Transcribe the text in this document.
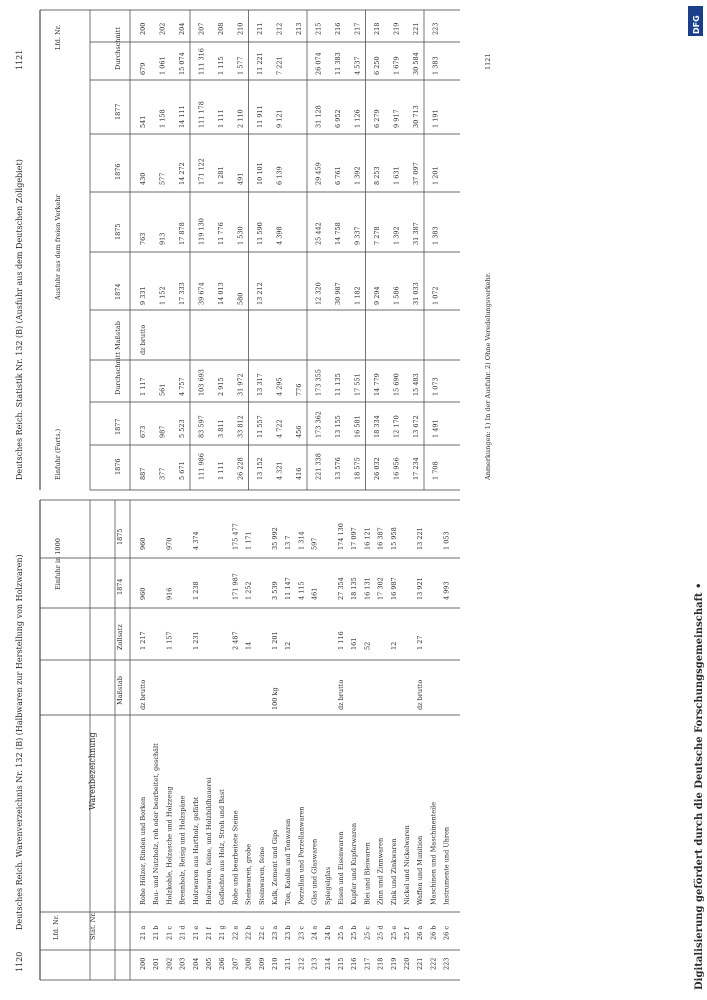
Digitalisierung gefördert durch die Deutsche Forschungsgemeinschaft •
DFG
1120
Deutsches Reich. Warenverzeichnis Nr. 132 (B) (Halbwaren zur Herstellung von Holzwaren)
Deutsches Reich. Statistik Nr. 132 (B) (Ausfuhr aus dem Deutschen Zollgebiet)
1121
Lfd. Nr.	Stat. Nr.
Warenbezeichnung
Maßstab
Zollsatz
1874
1875
Einfuhr in 1000
200
21 a
Rohe Hölzer, Rinden und Borken
dz brutto
1 217
960
960
201
21 b
Bau- und Nutzholz, roh oder bearbeitet, geschält
202
21 c
Holzkohle, Holzasche und Holzzeug
1 157
916
970
203
21 d
Brennholz, Reisig und Holzspäne
204
21 e
Holzwaren aus Hartholz, gefärbt
1 231
1 238
4 374
205
21 f
Holzwaren, feine, und Holzbildhauerei
206
21 g
Geflechte aus Holz, Stroh und Bast
207
22 a
Rohe und bearbeitete Steine
2 487
171 987
175 477
208
22 b
Steinwaren, grobe
14
1 252
1 171
209
22 c
Steinwaren, feine
210
23 a
Kalk, Zement und Gips
100 kg
1 201
3 539
35 992
211
23 b
Ton, Kaolin und Tonwaren
12
11 147
13 7
212
23 c
Porzellan und Porzellanwaren
4 115
1 314
213
24 a
Glas und Glaswaren
461
597
214
24 b
Spiegelglas
215
25 a
Eisen und Eisenwaren
dz brutto
1 116
27 354
174 130
216
25 b
Kupfer und Kupferwaren
161
18 135
17 097
217
25 c
Blei und Bleiwaren
52
16 131
16 121
218
25 d
Zinn und Zinnwaren
17 302
16 387
219
25 e
Zink und Zinkwaren
12
16 987
15 958
220
25 f
Nickel und Nickelwaren
221
26 a
Waffen und Munition
dz brutto
1 27
13 921
13 221
222
26 b
Maschinen und Maschinenteile
223
26 c
Instrumente und Uhren
4 993
1 053
Einfuhr (Forts.)
Ausfuhr aus dem freien Verkehr
1876
1877
Durchschnitt
Maßstab
1874
1875
1876
1877
Durchschnitt
Lfd. Nr.
887
673
1 117
dz brutto
9 331
763
430
541
679
200
377
987
561
1 152
913
577
1 158
1 061
202
5 671
5 523
4 757
17 333
17 878
14 272
14 111
15 074
204
111 986
83 597
103 693
39 674
119 130
171 122
111 178
111 316
207
1 111
3 811
2 915
14 013
11 776
1 281
1 111
1 115
208
26 228
33 812
31 972
580
1 530
491
2 110
1 577
210
13 152
11 557
13 317
13 212
11 590
10 101
11 911
11 221
211
4 321
4 722
4 295
4 398
6 139
9 121
7 221
212
416
456
776
213
221 338
173 362
173 355
12 320
25 442
29 459
31 128
26 074
215
13 576
13 155
11 135
30 987
14 758
6 761
6 952
11 383
216
18 575
16 581
17 551
1 182
9 337
1 392
1 126
4 537
217
26 032
18 334
14 779
9 294
7 278
8 253
6 279
6 250
218
16 956
12 170
15 690
1 586
1 392
1 631
9 917
1 679
219
17 234
13 672
15 483
31 033
31 387
37 097
30 713
30 584
221
1 708
1 491
1 073
1 072
1 383
1 201
1 191
1 383
223
Anmerkungen: 1) In der Ausfuhr. 2) Ohne Veredelungsverkehr.
1121
